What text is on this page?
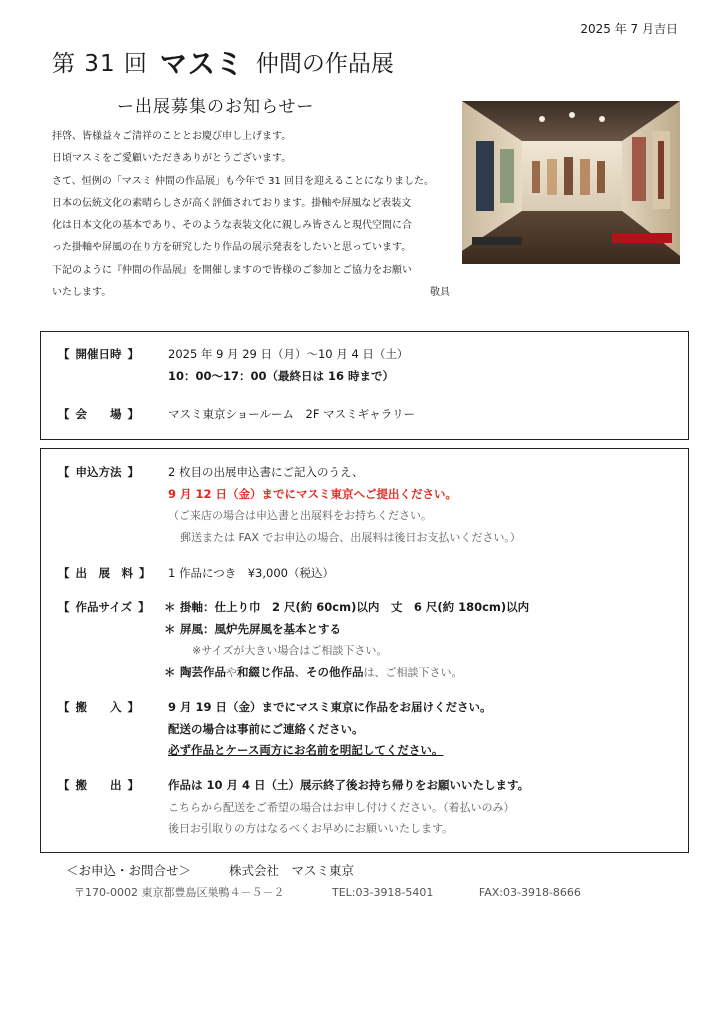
2025 年 7 月吉日
第 31 回 マスミ 仲間の作品展
ー出展募集のお知らせー
拝啓、皆様益々ご清祥のこととお慶び申し上げます。
日頃マスミをご愛顧いただきありがとうございます。
さて、恒例の「マスミ 仲間の作品展」も今年で 31 回目を迎えることになりました。
日本の伝統文化の素晴らしさが高く評価されております。掛軸や屏風など表装文
化は日本文化の基本であり、そのような表装文化に親しみ皆さんと現代空間に合
った掛軸や屏風の在り方を研究したり作品の展示発表をしたいと思っています。
下記のように『仲間の作品展』を開催しますので皆様のご参加とご協力をお願い
いたします。	敬具
【 開催日時 】	2025 年 9 月 29 日（月）〜10 月 4 日（土）
10：00〜17：00（最終日は 16 時まで）
【 会　　場 】	マスミ東京ショールーム　2F マスミギャラリー
【 申込方法 】	2 枚目の出展申込書にご記入のうえ、
9 月 12 日（金）までにマスミ東京へご提出ください。
（ご来店の場合は申込書と出展料をお持ちください。
郵送または FAX でお申込の場合、出展料は後日お支払いください。）
【 出　展　料 】 1 作品につき　¥3,000（税込）
【 作品サイズ 】 ＊ 掛軸：仕上り巾　2 尺(約 60cm)以内　丈　6 尺(約 180cm)以内
＊ 屏風：風炉先屏風を基本とする
※サイズが大きい場合はご相談下さい。
＊ 陶芸作品や和綴じ作品、その他作品は、ご相談下さい。
【 搬　　入 】	9 月 19 日（金）までにマスミ東京に作品をお届けください。
配送の場合は事前にご連絡ください。
必ず作品とケース両方にお名前を明記してください。
【 搬　　出 】	作品は 10 月 4 日（土）展示終了後お持ち帰りをお願いいたします。
こちらから配送をご希望の場合はお申し付けください。（着払いのみ）
後日お引取りの方はなるべくお早めにお願いいたします。
＜お申込・お問合せ＞	株式会社　マスミ東京
〒170-0002 東京都豊島区巣鴨４－５－２	TEL:03-3918-5401	FAX:03-3918-8666
